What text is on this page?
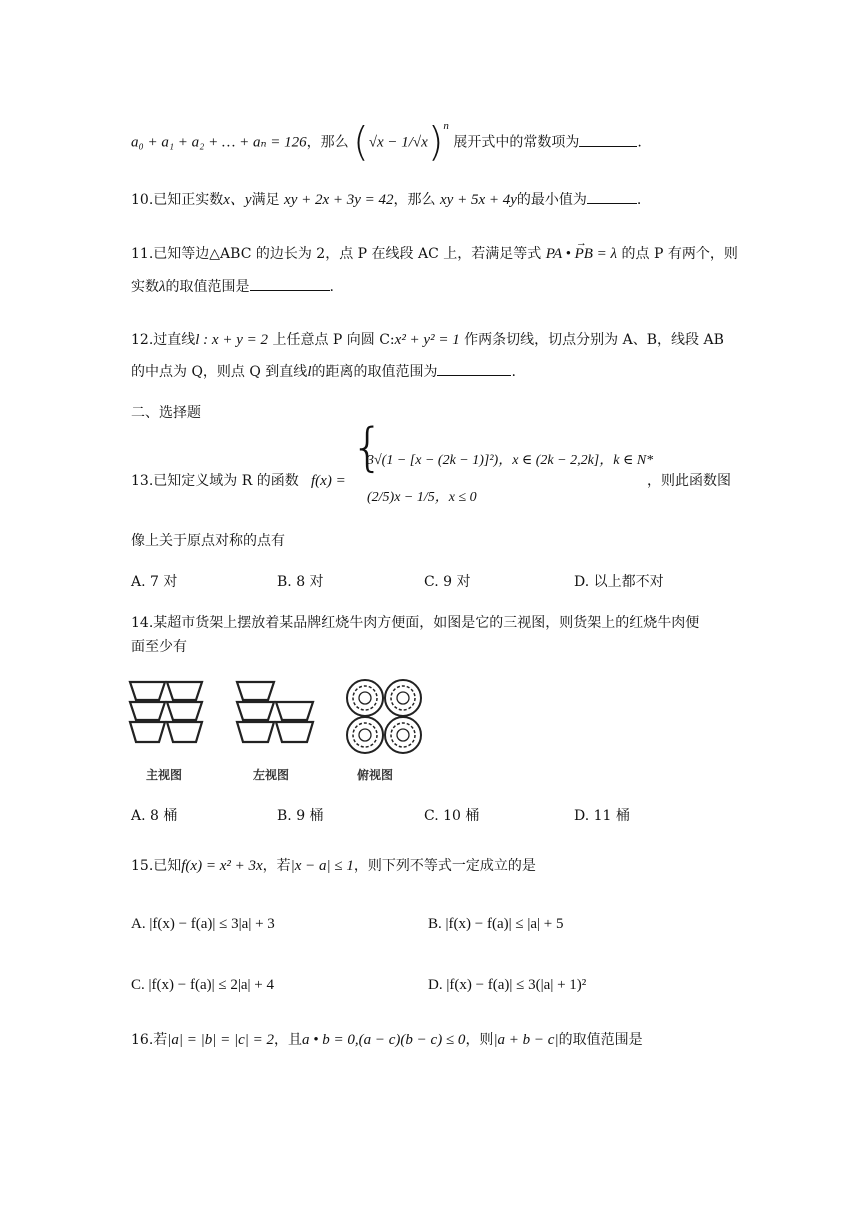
a₀ + a₁ + a₂ + … + aₙ = 126，那么 $(√x - 1/√x)^n$ 展开式中的常数项为	.
10.已知正实数x、y满足 xy + 2x + 3y = 42，那么 xy + 5x + 4y的最小值为	.
11.已知等边△ABC 的边长为 2，点 P 在线段 AC 上，若满足等式 → PA • PB = λ 的点 P 有两个，则
实数λ的取值范围是	.
12.过直线l : x + y = 2 上任意点 P 向圆 C:x² + y² = 1 作两条切线，切点分别为 A、B，线段 AB
的中点为 Q，则点 Q 到直线l的距离的取值范围为	.
二、选择题
13.已知定义域为 R 的函数 f(x) =
{
3√(1 − [x − (2k − 1)]²)，x ∈ (2k − 2,2k]，k ∈ N*
(2/5)x − 1/5，x ≤ 0
，则此函数图
像上关于原点对称的点有
A. 7 对	B. 8 对	C. 9 对	D. 以上都不对
14.某超市货架上摆放着某品牌红烧牛肉方便面，如图是它的三视图，则货架上的红烧牛肉便
面至少有
主视图	左视图	俯视图
A. 8 桶	B. 9 桶	C. 10 桶	D. 11 桶
15.已知f(x) = x² + 3x，若|x − a| ≤ 1，则下列不等式一定成立的是
A. |f(x) − f(a)| ≤ 3|a| + 3	B. |f(x) − f(a)| ≤ |a| + 5
C. |f(x) − f(a)| ≤ 2|a| + 4	D. |f(x) − f(a)| ≤ 3(|a| + 1)²
16.若|a| = |b| = |c| = 2，且a • b = 0,(a − c)(b − c) ≤ 0，则|a + b − c|的取值范围是
